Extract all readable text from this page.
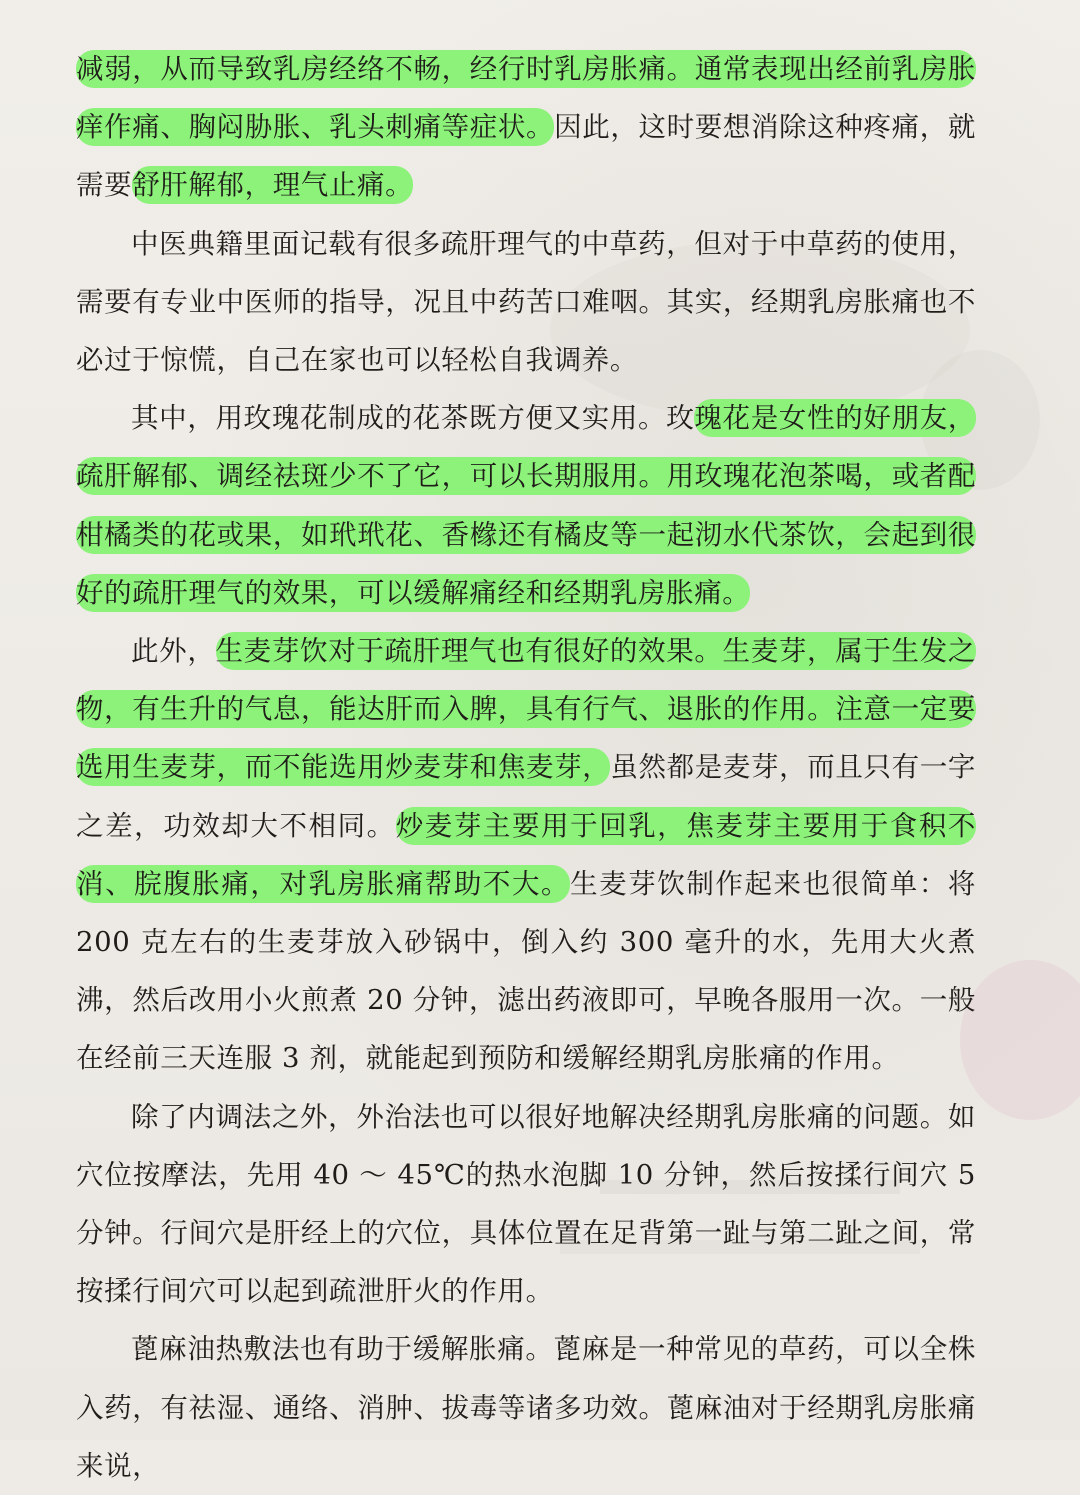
减弱，从而导致乳房经络不畅，经行时乳房胀痛。通常表现出经前乳房胀痒作痛、胸闷胁胀、乳头刺痛等症状。因此，这时要想消除这种疼痛，就需要舒肝解郁，理气止痛。

中医典籍里面记载有很多疏肝理气的中草药，但对于中草药的使用，需要有专业中医师的指导，况且中药苦口难咽。其实，经期乳房胀痛也不必过于惊慌，自己在家也可以轻松自我调养。

其中，用玫瑰花制成的花茶既方便又实用。玫瑰花是女性的好朋友，疏肝解郁、调经祛斑少不了它，可以长期服用。用玫瑰花泡茶喝，或者配柑橘类的花或果，如玳玳花、香橼还有橘皮等一起沏水代茶饮，会起到很好的疏肝理气的效果，可以缓解痛经和经期乳房胀痛。

此外，生麦芽饮对于疏肝理气也有很好的效果。生麦芽，属于生发之物，有生升的气息，能达肝而入脾，具有行气、退胀的作用。注意一定要选用生麦芽，而不能选用炒麦芽和焦麦芽，虽然都是麦芽，而且只有一字之差，功效却大不相同。炒麦芽主要用于回乳，焦麦芽主要用于食积不消、脘腹胀痛，对乳房胀痛帮助不大。生麦芽饮制作起来也很简单：将 200 克左右的生麦芽放入砂锅中，倒入约 300 毫升的水，先用大火煮沸，然后改用小火煎煮 20 分钟，滤出药液即可，早晚各服用一次。一般在经前三天连服 3 剂，就能起到预防和缓解经期乳房胀痛的作用。

除了内调法之外，外治法也可以很好地解决经期乳房胀痛的问题。如穴位按摩法，先用 40 ～ 45℃的热水泡脚 10 分钟，然后按揉行间穴 5 分钟。行间穴是肝经上的穴位，具体位置在足背第一趾与第二趾之间，常按揉行间穴可以起到疏泄肝火的作用。

蓖麻油热敷法也有助于缓解胀痛。蓖麻是一种常见的草药，可以全株入药，有祛湿、通络、消肿、拔毒等诸多功效。蓖麻油对于经期乳房胀痛来说，
